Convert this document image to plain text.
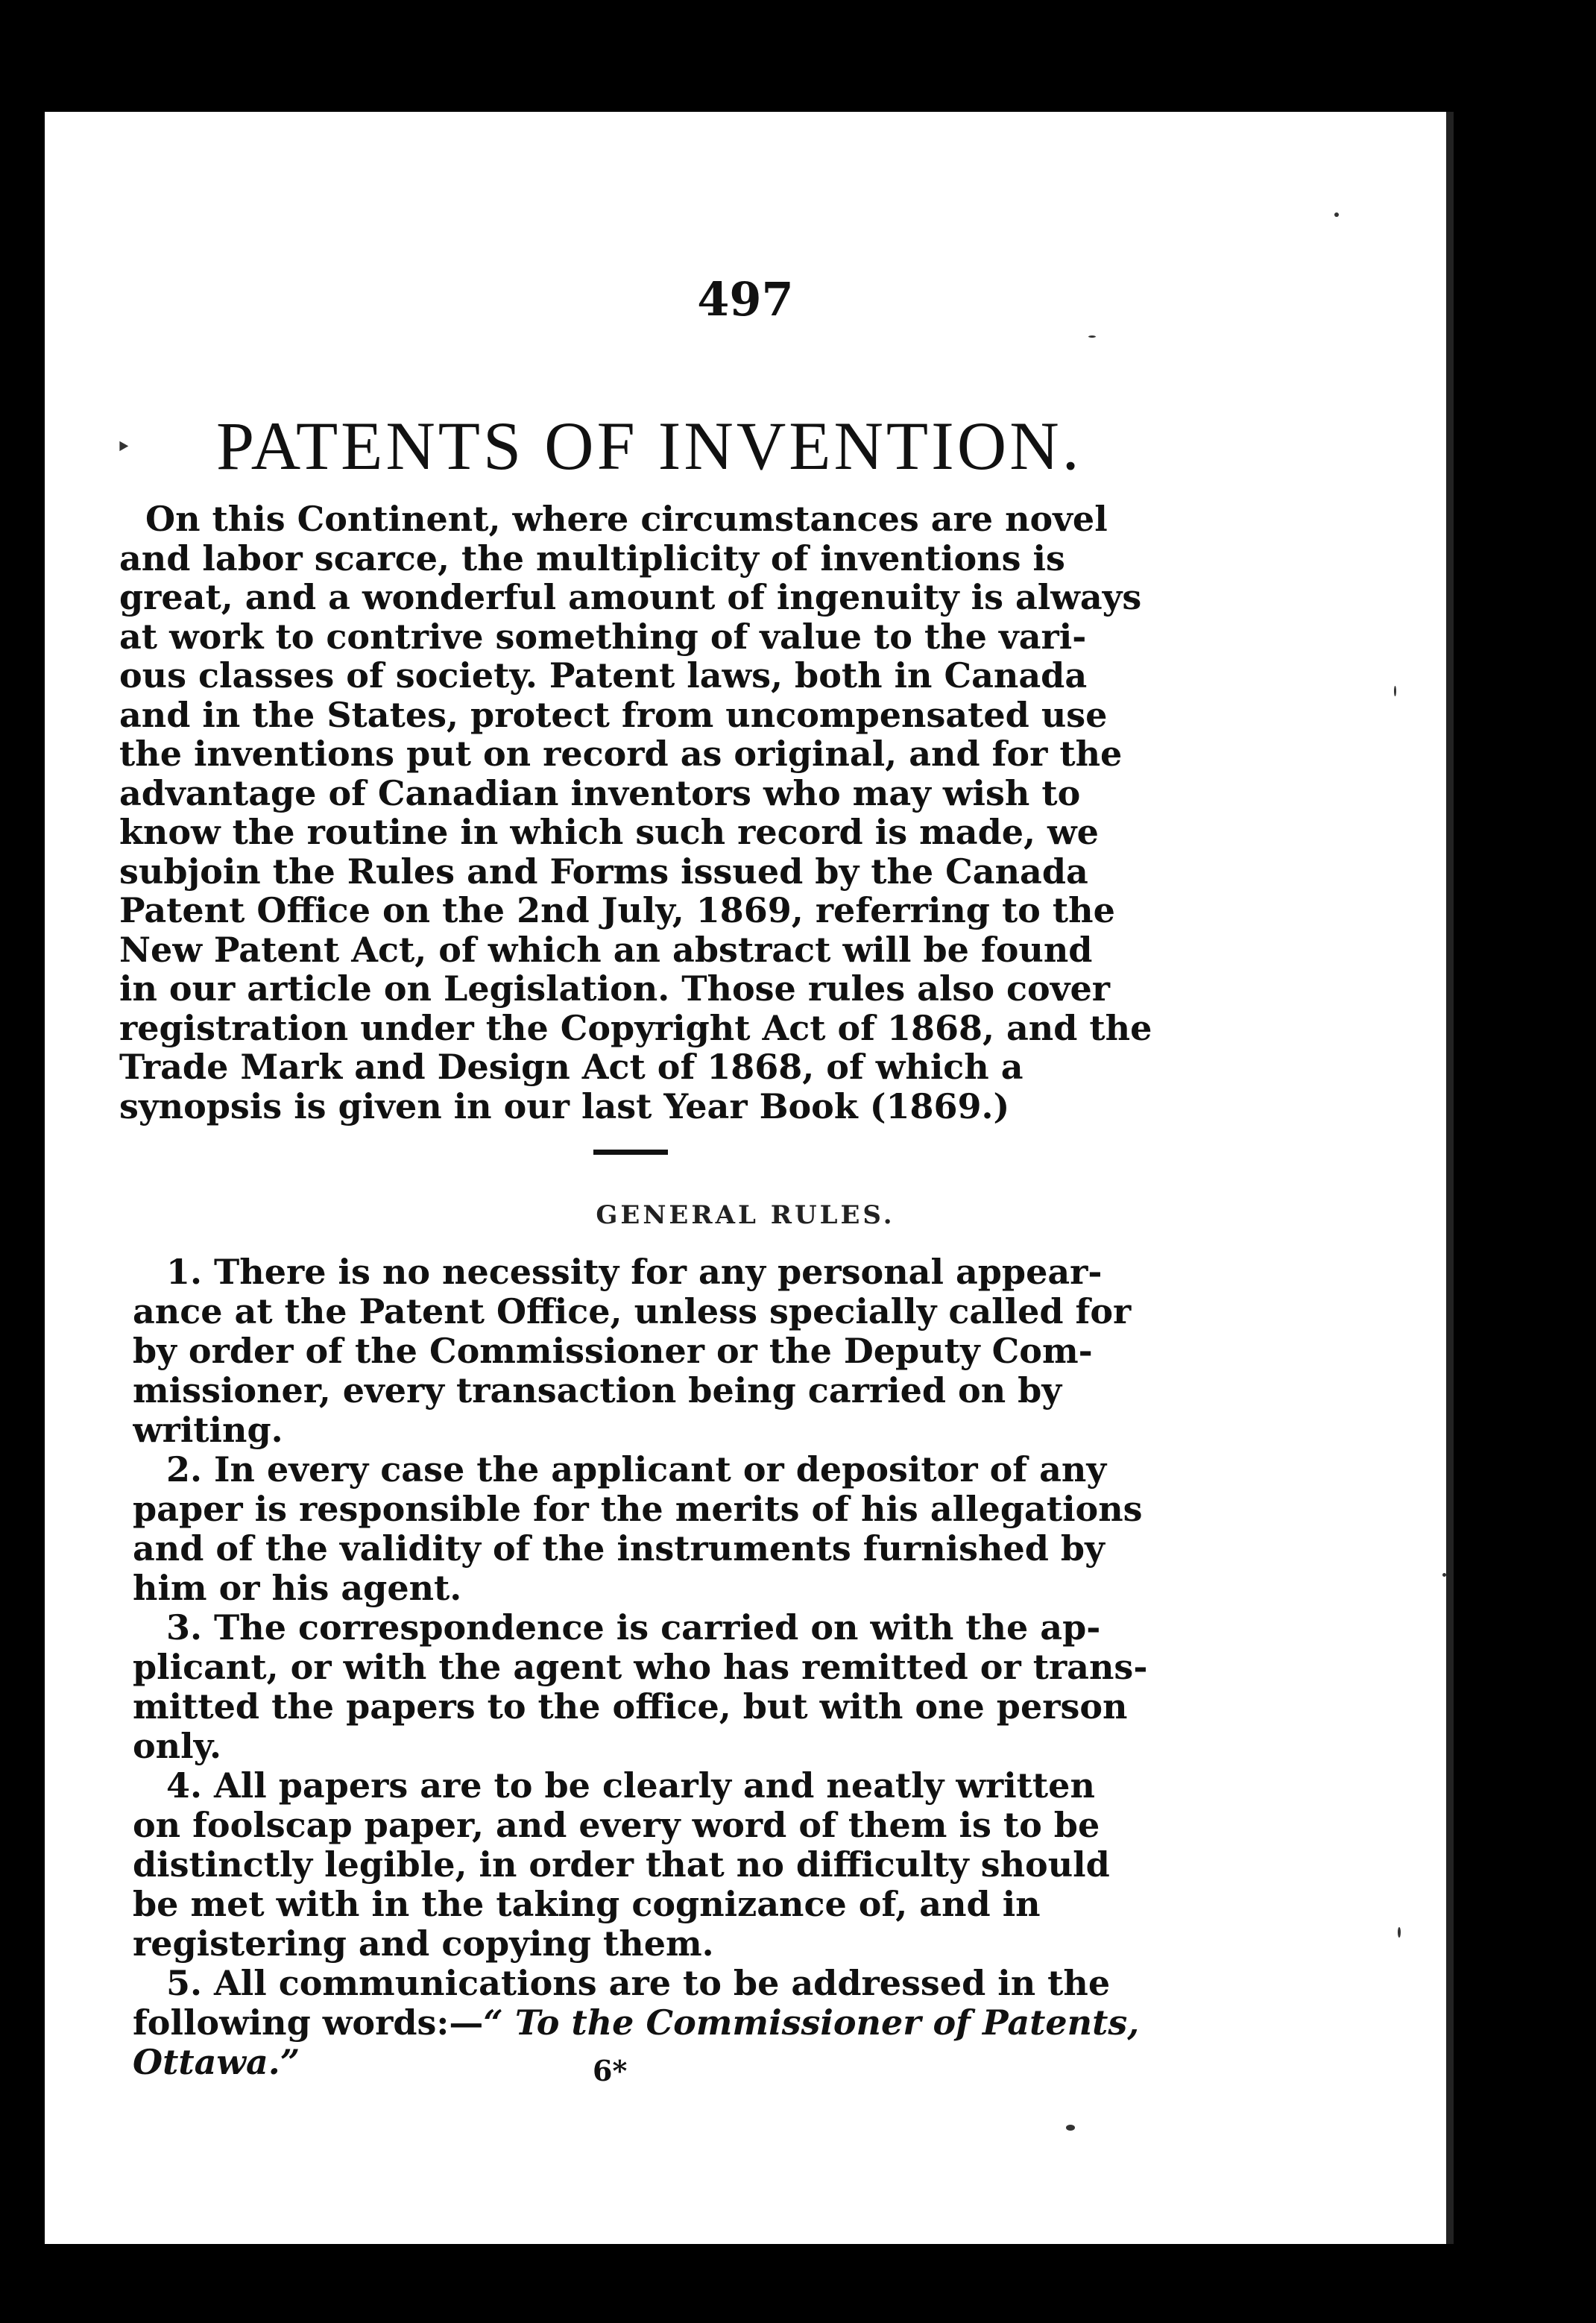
497
‣ PATENTS OF INVENTION.
On this Continent, where circumstances are novel
and labor scarce, the multiplicity of inventions is
great, and a wonderful amount of ingenuity is always
at work to contrive something of value to the vari-
ous classes of society. Patent laws, both in Canada
and in the States, protect from uncompensated use
the inventions put on record as original, and for the
advantage of Canadian inventors who may wish to
know the routine in which such record is made, we
subjoin the Rules and Forms issued by the Canada
Patent Office on the 2nd July, 1869, referring to the
New Patent Act, of which an abstract will be found
in our article on Legislation. Those rules also cover
registration under the Copyright Act of 1868, and the
Trade Mark and Design Act of 1868, of which a
synopsis is given in our last Year Book (1869.)
GENERAL RULES.
1. There is no necessity for any personal appear-
ance at the Patent Office, unless specially called for
by order of the Commissioner or the Deputy Com-
missioner, every transaction being carried on by
writing.
2. In every case the applicant or depositor of any
paper is responsible for the merits of his allegations
and of the validity of the instruments furnished by
him or his agent.
3. The correspondence is carried on with the ap-
plicant, or with the agent who has remitted or trans-
mitted the papers to the office, but with one person
only.
4. All papers are to be clearly and neatly written
on foolscap paper, and every word of them is to be
distinctly legible, in order that no difficulty should
be met with in the taking cognizance of, and in
registering and copying them.
5. All communications are to be addressed in the
following words:—“ To the Commissioner of Patents,
Ottawa.”	6*
